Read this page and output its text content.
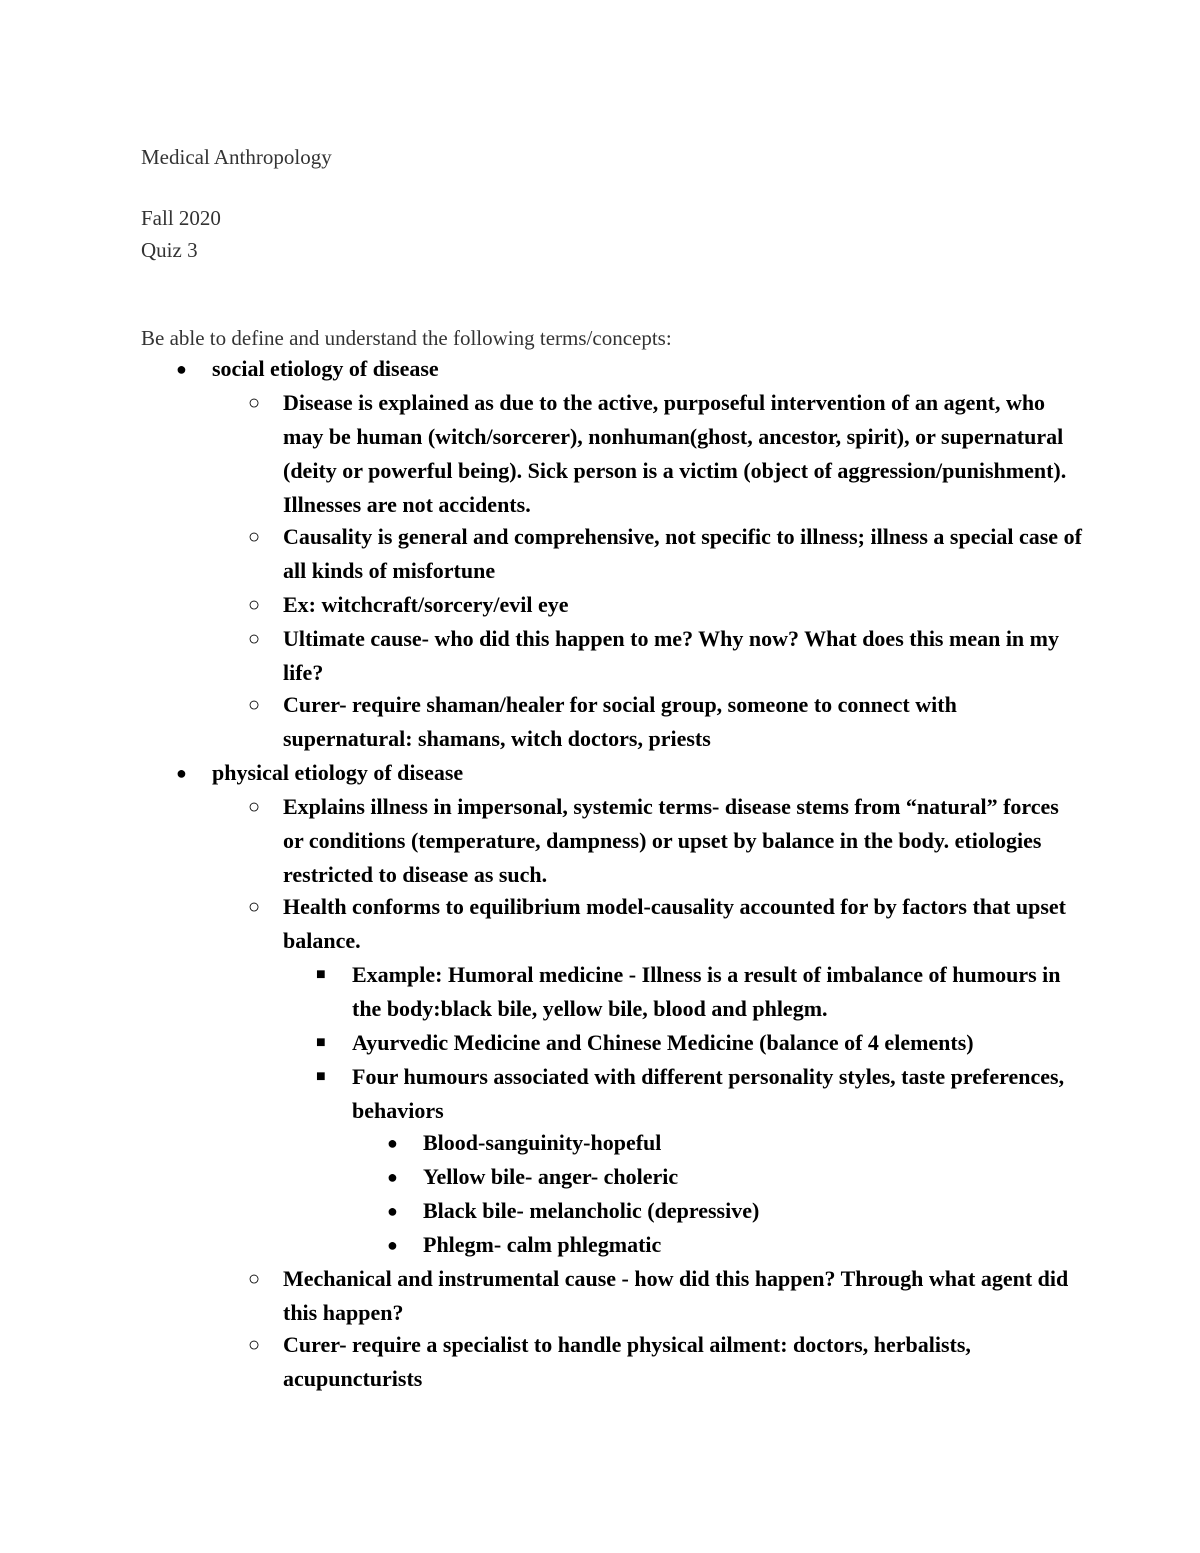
Medical Anthropology
Fall 2020
Quiz 3
Be able to define and understand the following terms/concepts:
● social etiology of disease
○ Disease is explained as due to the active, purposeful intervention of an agent, who may be human (witch/sorcerer), nonhuman(ghost, ancestor, spirit), or supernatural (deity or powerful being). Sick person is a victim (object of aggression/punishment). Illnesses are not accidents.
○ Causality is general and comprehensive, not specific to illness; illness a special case of all kinds of misfortune
○ Ex: witchcraft/sorcery/evil eye
○ Ultimate cause- who did this happen to me? Why now? What does this mean in my life?
○ Curer- require shaman/healer for social group, someone to connect with supernatural: shamans, witch doctors, priests
● physical etiology of disease
○ Explains illness in impersonal, systemic terms- disease stems from “natural” forces or conditions (temperature, dampness) or upset by balance in the body. etiologies restricted to disease as such.
○ Health conforms to equilibrium model-causality accounted for by factors that upset balance.
■ Example: Humoral medicine - Illness is a result of imbalance of humours in the body:black bile, yellow bile, blood and phlegm.
■ Ayurvedic Medicine and Chinese Medicine (balance of 4 elements)
■ Four humours associated with different personality styles, taste preferences, behaviors
● Blood-sanguinity-hopeful
● Yellow bile- anger- choleric
● Black bile- melancholic (depressive)
● Phlegm- calm phlegmatic
○ Mechanical and instrumental cause - how did this happen? Through what agent did this happen?
○ Curer- require a specialist to handle physical ailment: doctors, herbalists, acupuncturists
